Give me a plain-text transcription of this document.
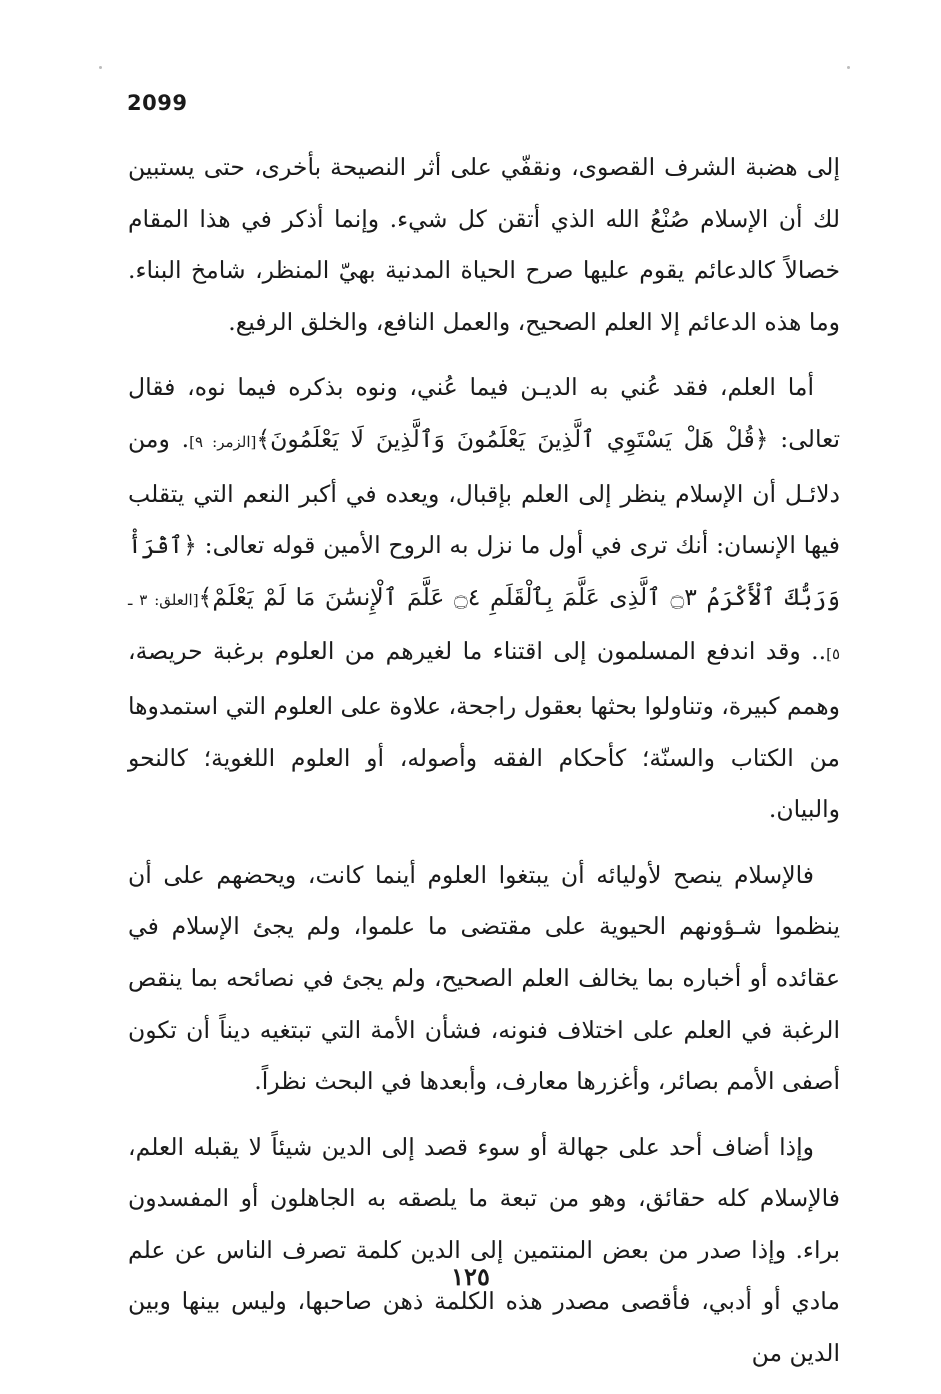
2099

إلى هضبة الشرف القصوى، ونقفّي على أثر النصيحة بأخرى، حتى يستبين لك أن الإسلام صُنْعُ الله الذي أتقن كل شيء. وإنما أذكر في هذا المقام خصالاً كالدعائم يقوم عليها صرح الحياة المدنية بهيّ المنظر، شامخ البناء. وما هذه الدعائم إلا العلم الصحيح، والعمل النافع، والخلق الرفيع.

أما العلم، فقد عُني به الديـن فيما عُني، ونوه بذكره فيما نوه، فقال تعالى: ﴿قُلْ هَلْ يَسْتَوِي ٱلَّذِينَ يَعْلَمُونَ وَٱلَّذِينَ لَا يَعْلَمُونَ﴾[الزمر: ٩]. ومن دلائـل أن الإسلام ينظر إلى العلم بإقبال، ويعده في أكبر النعم التي يتقلب فيها الإنسان: أنك ترى في أول ما نزل به الروح الأمين قوله تعالى: ﴿ٱقْرَأْ وَرَبُّكَ ٱلْأَكْرَمُ ۝٣ ٱلَّذِى عَلَّمَ بِٱلْقَلَمِ ۝٤ عَلَّمَ ٱلْإِنسَٰنَ مَا لَمْ يَعْلَمْ﴾[العلق: ٣ ـ ٥].. وقد اندفع المسلمون إلى اقتناء ما لغيرهم من العلوم برغبة حريصة، وهمم كبيرة، وتناولوا بحثها بعقول راجحة، علاوة على العلوم التي استمدوها من الكتاب والسنّة؛ كأحكام الفقه وأصوله، أو العلوم اللغوية؛ كالنحو والبيان.

فالإسلام ينصح لأوليائه أن يبتغوا العلوم أينما كانت، ويحضهم على أن ينظموا شـؤونهم الحيوية على مقتضى ما علموا، ولم يجئ الإسلام في عقائده أو أخباره بما يخالف العلم الصحيح، ولم يجئ في نصائحه بما ينقص الرغبة في العلم على اختلاف فنونه، فشأن الأمة التي تبتغيه ديناً أن تكون أصفى الأمم بصائر، وأغزرها معارف، وأبعدها في البحث نظراً.

وإذا أضاف أحد على جهالة أو سوء قصد إلى الدين شيئاً لا يقبله العلم، فالإسلام كله حقائق، وهو من تبعة ما يلصقه به الجاهلون أو المفسدون براء. وإذا صدر من بعض المنتمين إلى الدين كلمة تصرف الناس عن علم مادي أو أدبي، فأقصى مصدر هذه الكلمة ذهن صاحبها، وليس بينها وبين الدين من

١٢٥
